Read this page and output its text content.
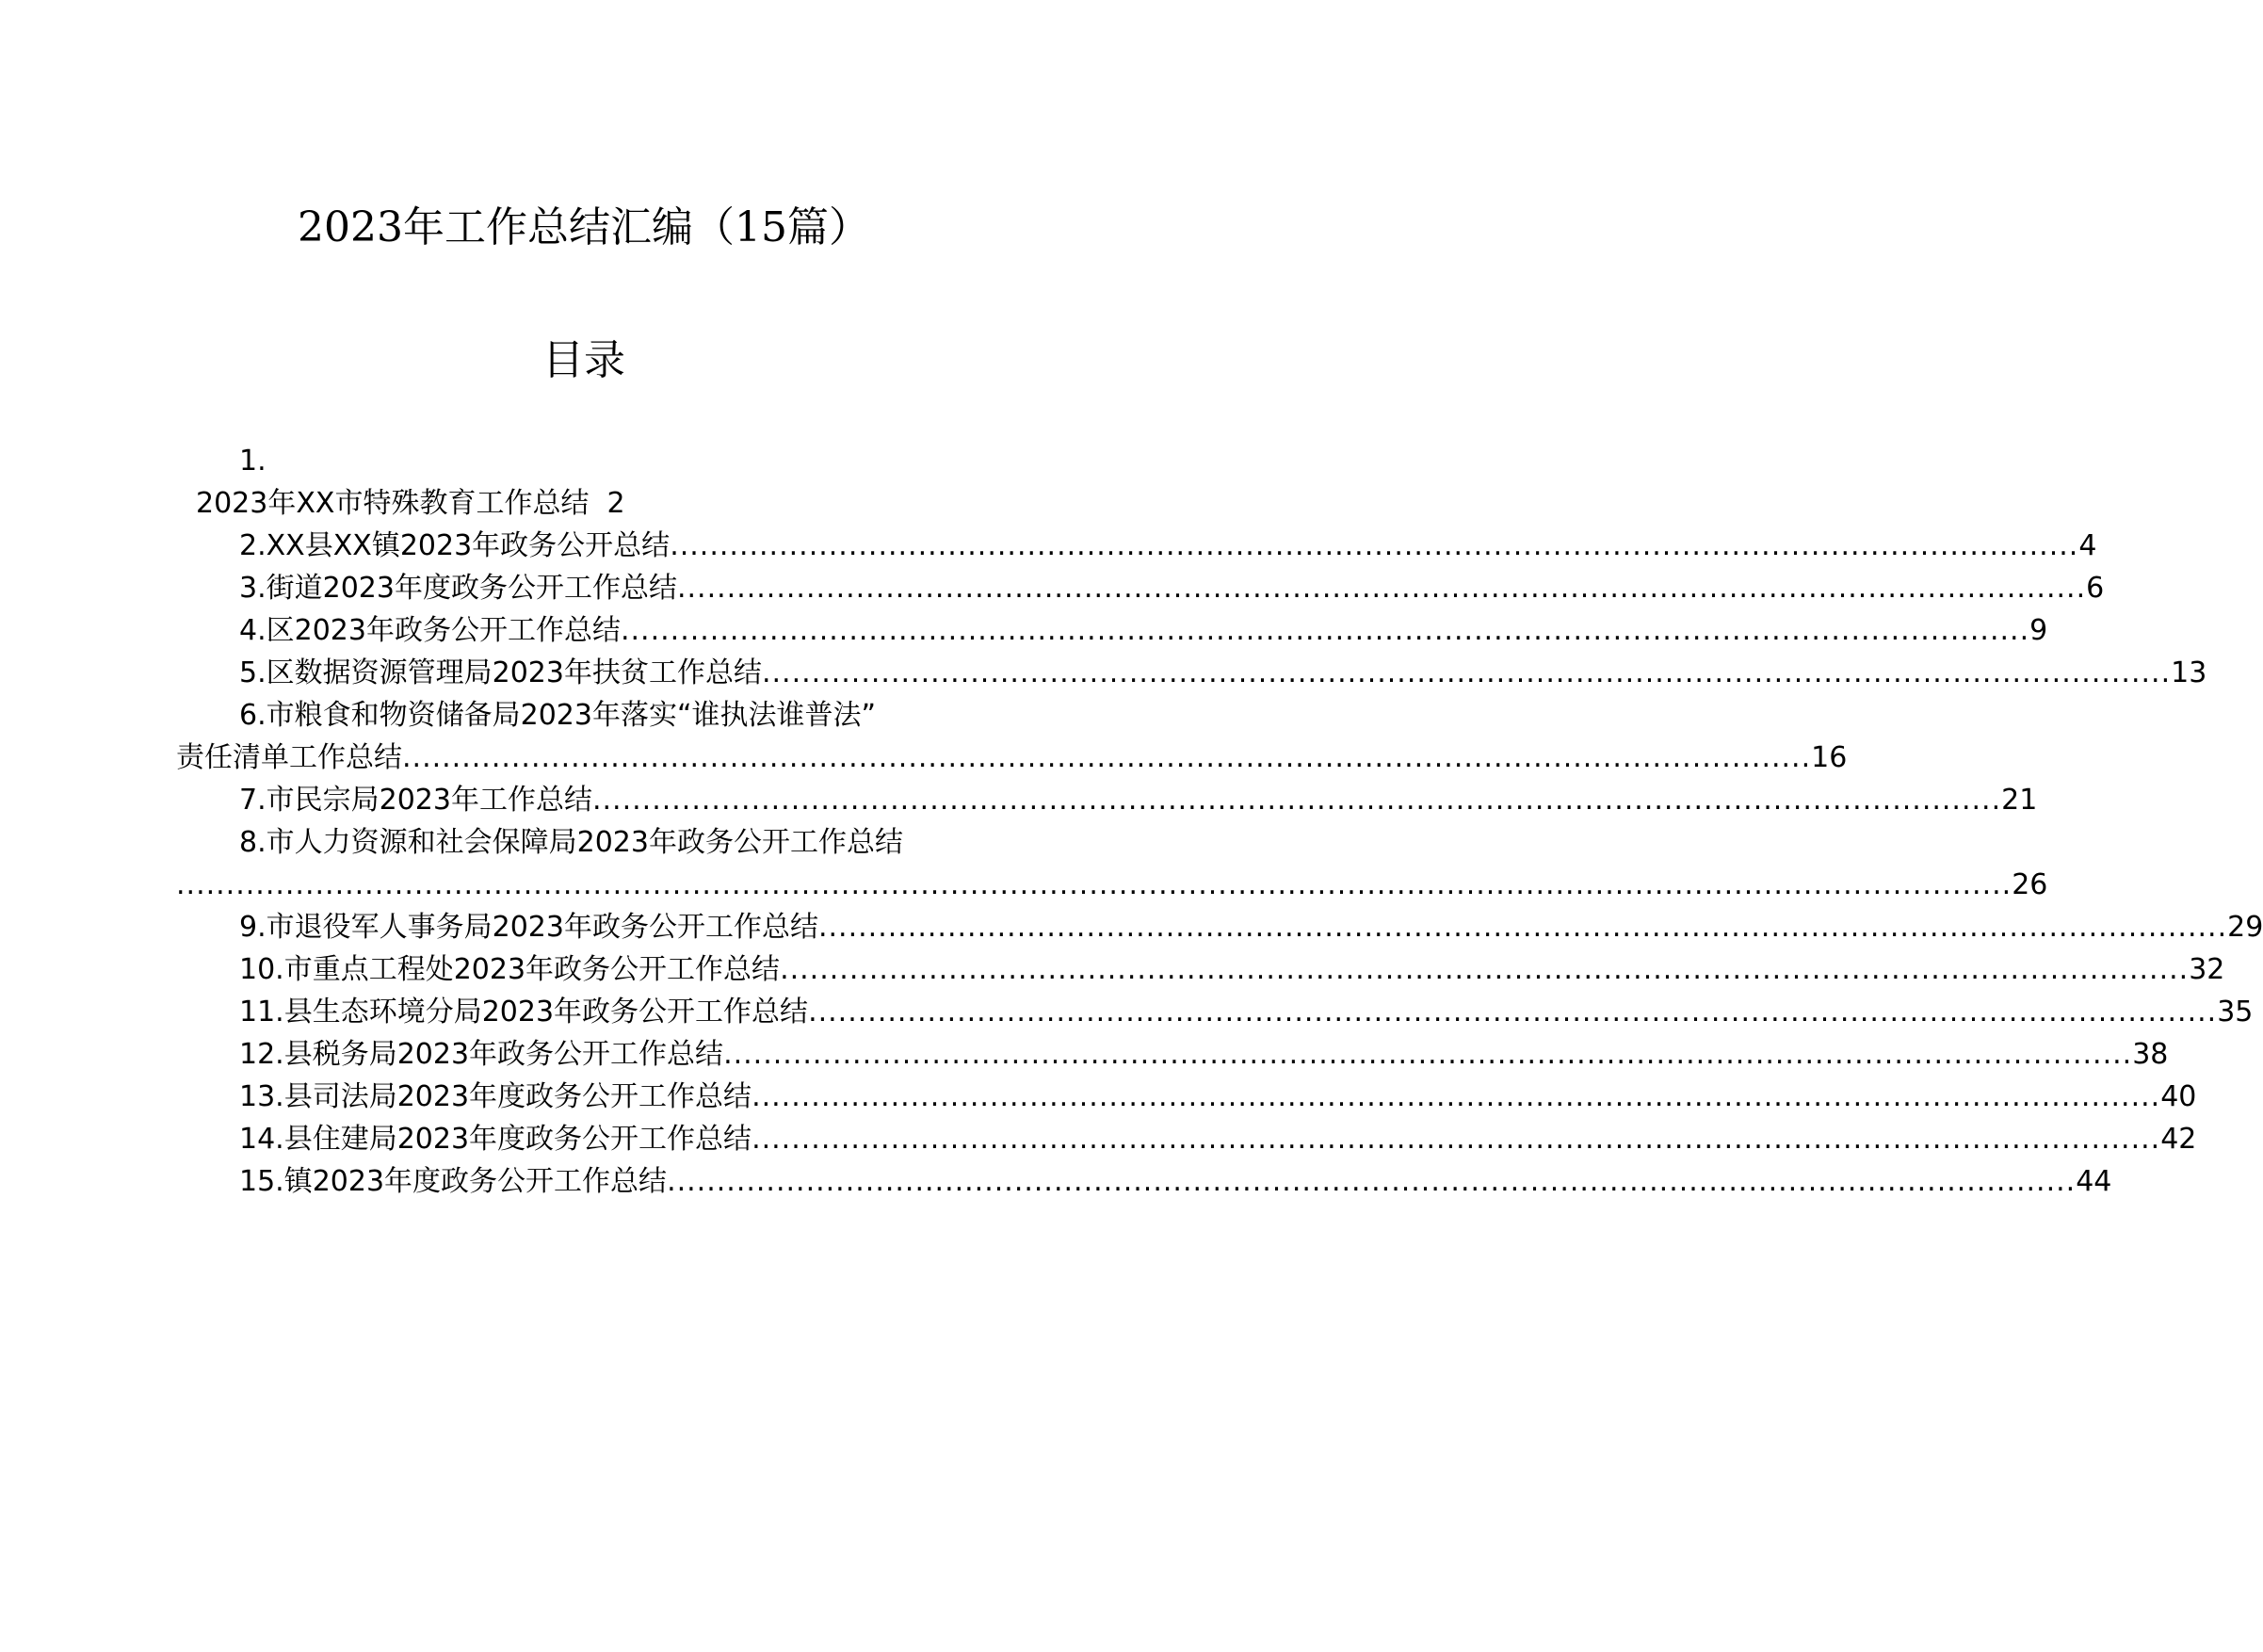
2023年工作总结汇编（15篇）
目录
1.
2023年XX市特殊教育工作总结 2
2.XX县XX镇2023年政务公开总结 .............................................................................................................................................. 4
3.街道2023年度政务公开工作总结 .............................................................................................................................................. 6
4.区2023年政务公开工作总结 .............................................................................................................................................. 9
5.区数据资源管理局2023年扶贫工作总结 .............................................................................................................................................. 13
6.市粮食和物资储备局2023年落实“谁执法谁普法”
责任清单工作总结 .............................................................................................................................................. 16
7.市民宗局2023年工作总结 .............................................................................................................................................. 21
8.市人力资源和社会保障局2023年政务公开工作总结
......................................................................................................................................................................................... 26
9.市退役军人事务局2023年政务公开工作总结 .............................................................................................................................................. 29
10.市重点工程处2023年政务公开工作总结 .............................................................................................................................................. 32
11.县生态环境分局2023年政务公开工作总结 .............................................................................................................................................. 35
12.县税务局2023年政务公开工作总结 .............................................................................................................................................. 38
13.县司法局2023年度政务公开工作总结 .............................................................................................................................................. 40
14.县住建局2023年度政务公开工作总结 .............................................................................................................................................. 42
15.镇2023年度政务公开工作总结 .............................................................................................................................................. 44
